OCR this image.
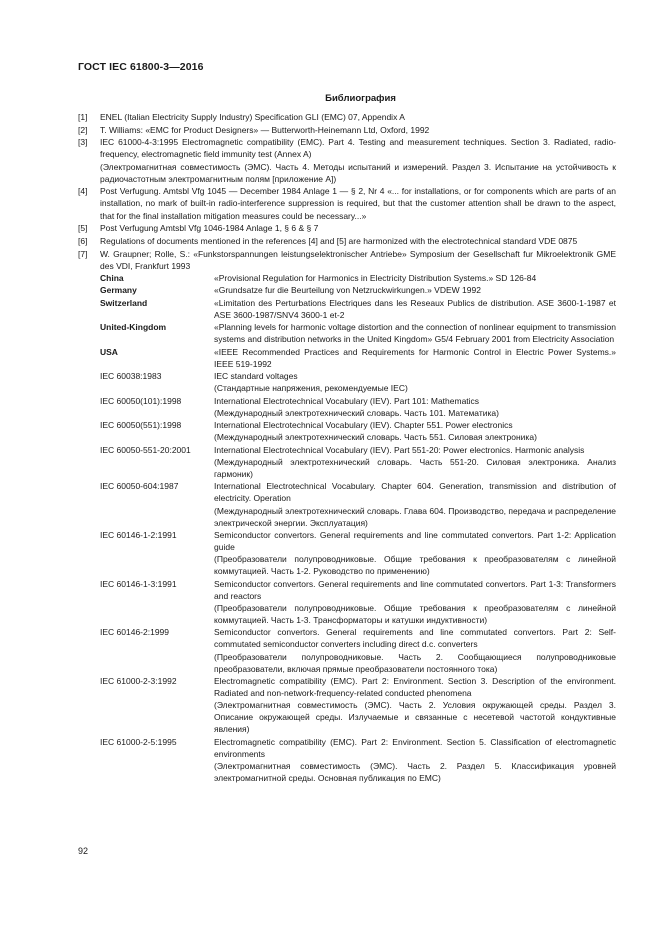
ГОСТ IEC 61800-3—2016
Библиография
[1]	ENEL (Italian Electricity Supply Industry) Specification GLI (EMC) 07, Appendix A
[2]	T. Williams: «EMC for Product Designers» — Butterworth-Heinemann Ltd, Oxford, 1992
[3]	IEC 61000-4-3:1995 Electromagnetic compatibility (EMC). Part 4. Testing and measurement techniques. Section 3. Radiated, radio-frequency, electromagnetic field immunity test (Annex A)
(Электромагнитная совместимость (ЭМС). Часть 4. Методы испытаний и измерений. Раздел 3. Испытание на устойчивость к радиочастотным электромагнитным полям [приложение А])
[4]	Post Verfugung. Amtsbl Vfg 1045 — December 1984 Anlage 1 — § 2, Nr 4 «... for installations, or for components which are parts of an installation, no mark of built-in radio-interference suppression is required, but that the customer attention shall be drawn to the aspect, that for the final installation mitigation measures could be necessary...»
[5]	Post Verfugung Amtsbl Vfg 1046-1984 Anlage 1, § 6 & § 7
[6]	Regulations of documents mentioned in the references [4] and [5] are harmonized with the electrotechnical standard VDE 0875
[7]	W. Graupner; Rolle, S.: «Funkstorspannungen leistungselektronischer Antriebe» Symposium der Gesellschaft fur Mikroelektronik GME des VDI, Frankfurt 1993
China	«Provisional Regulation for Harmonics in Electricity Distribution Systems.» SD 126-84
Germany	«Grundsatze fur die Beurteilung von Netzruckwirkungen.» VDEW 1992
Switzerland	«Limitation des Perturbations Electriques dans les Reseaux Publics de distribution. ASE 3600-1-1987 et ASE 3600-1987/SNV4 3600-1 et-2
United-Kingdom	«Planning levels for harmonic voltage distortion and the connection of nonlinear equipment to transmission systems and distribution networks in the United Kingdom» G5/4 February 2001 from Electricity Association
USA	«IEEE Recommended Practices and Requirements for Harmonic Control in Electric Power Systems.» IEEE 519-1992
IEC 60038:1983	IEC standard voltages
(Стандартные напряжения, рекомендуемые IEC)
IEC 60050(101):1998	International Electrotechnical Vocabulary (IEV). Part 101: Mathematics
(Международный электротехнический словарь. Часть 101. Математика)
IEC 60050(551):1998	International Electrotechnical Vocabulary (IEV). Chapter 551. Power electronics
(Международный электротехнический словарь. Часть 551. Силовая электроника)
IEC 60050-551-20:2001	International Electrotechnical Vocabulary (IEV). Part 551-20: Power electronics. Harmonic analysis
(Международный электротехнический словарь. Часть 551-20. Силовая электроника. Анализ гармоник)
IEC 60050-604:1987	International Electrotechnical Vocabulary. Chapter 604. Generation, transmission and distribution of electricity. Operation
(Международный электротехнический словарь. Глава 604. Производство, передача и распределение электрической энергии. Эксплуатация)
IEC 60146-1-2:1991	Semiconductor convertors. General requirements and line commutated convertors. Part 1-2: Application guide
(Преобразователи полупроводниковые. Общие требования к преобразователям с линейной коммутацией. Часть 1-2. Руководство по применению)
IEC 60146-1-3:1991	Semiconductor convertors. General requirements and line commutated convertors. Part 1-3: Transformers and reactors
(Преобразователи полупроводниковые. Общие требования к преобразователям с линейной коммутацией. Часть 1-3. Трансформаторы и катушки индуктивности)
IEC 60146-2:1999	Semiconductor convertors. General requirements and line commutated convertors. Part 2: Self-commutated semiconductor converters including direct d.c. converters
(Преобразователи полупроводниковые. Часть 2. Сообщающиеся полупроводниковые преобразователи, включая прямые преобразователи постоянного тока)
IEC 61000-2-3:1992	Electromagnetic compatibility (EMC). Part 2: Environment. Section 3. Description of the environment. Radiated and non-network-frequency-related conducted phenomena
(Электромагнитная совместимость (ЭМС). Часть 2. Условия окружающей среды. Раздел 3. Описание окружающей среды. Излучаемые и связанные с несетевой частотой кондуктивные явления)
IEC 61000-2-5:1995	Electromagnetic compatibility (EMC). Part 2: Environment. Section 5. Classification of electromagnetic environments
(Электромагнитная совместимость (ЭМС). Часть 2. Раздел 5. Классификация уровней электромагнитной среды. Основная публикация по ЕМС)
92
